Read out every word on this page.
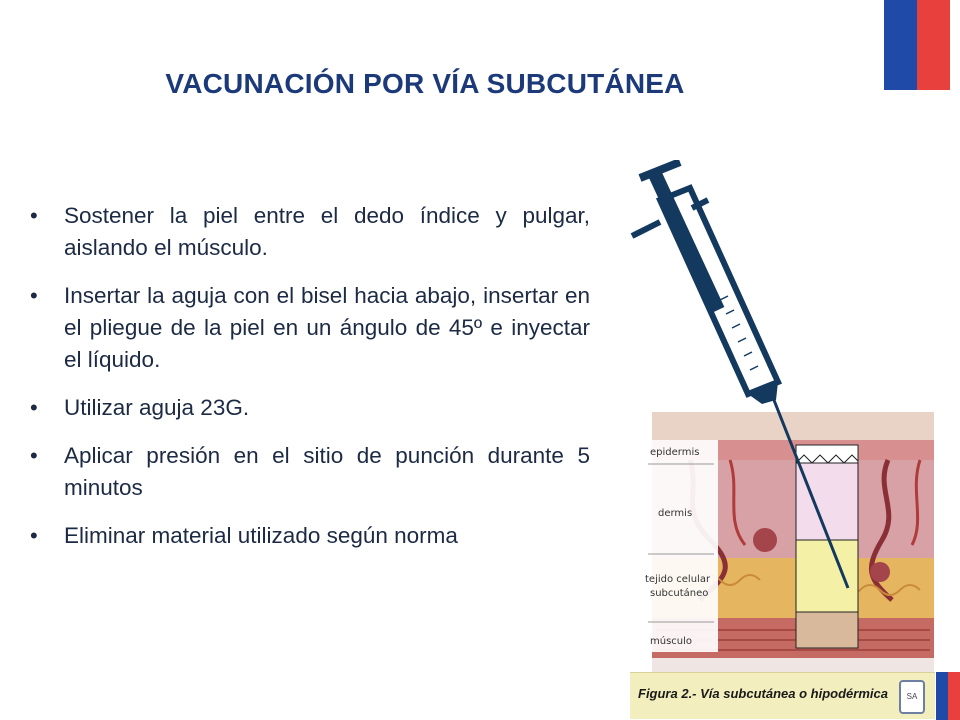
VACUNACIÓN POR VÍA SUBCUTÁNEA
• Sostener la piel entre el dedo índice y pulgar, aislando el músculo.
• Insertar la aguja con el bisel hacia abajo, insertar en el pliegue de la piel en un ángulo de 45º e inyectar el líquido.
• Utilizar aguja 23G.
• Aplicar presión en el sitio de punción durante 5 minutos
• Eliminar material utilizado según norma
epidermis
dermis
tejido celular
subcutáneo
músculo
Figura 2.- Vía subcutánea o hipodérmica	SA
